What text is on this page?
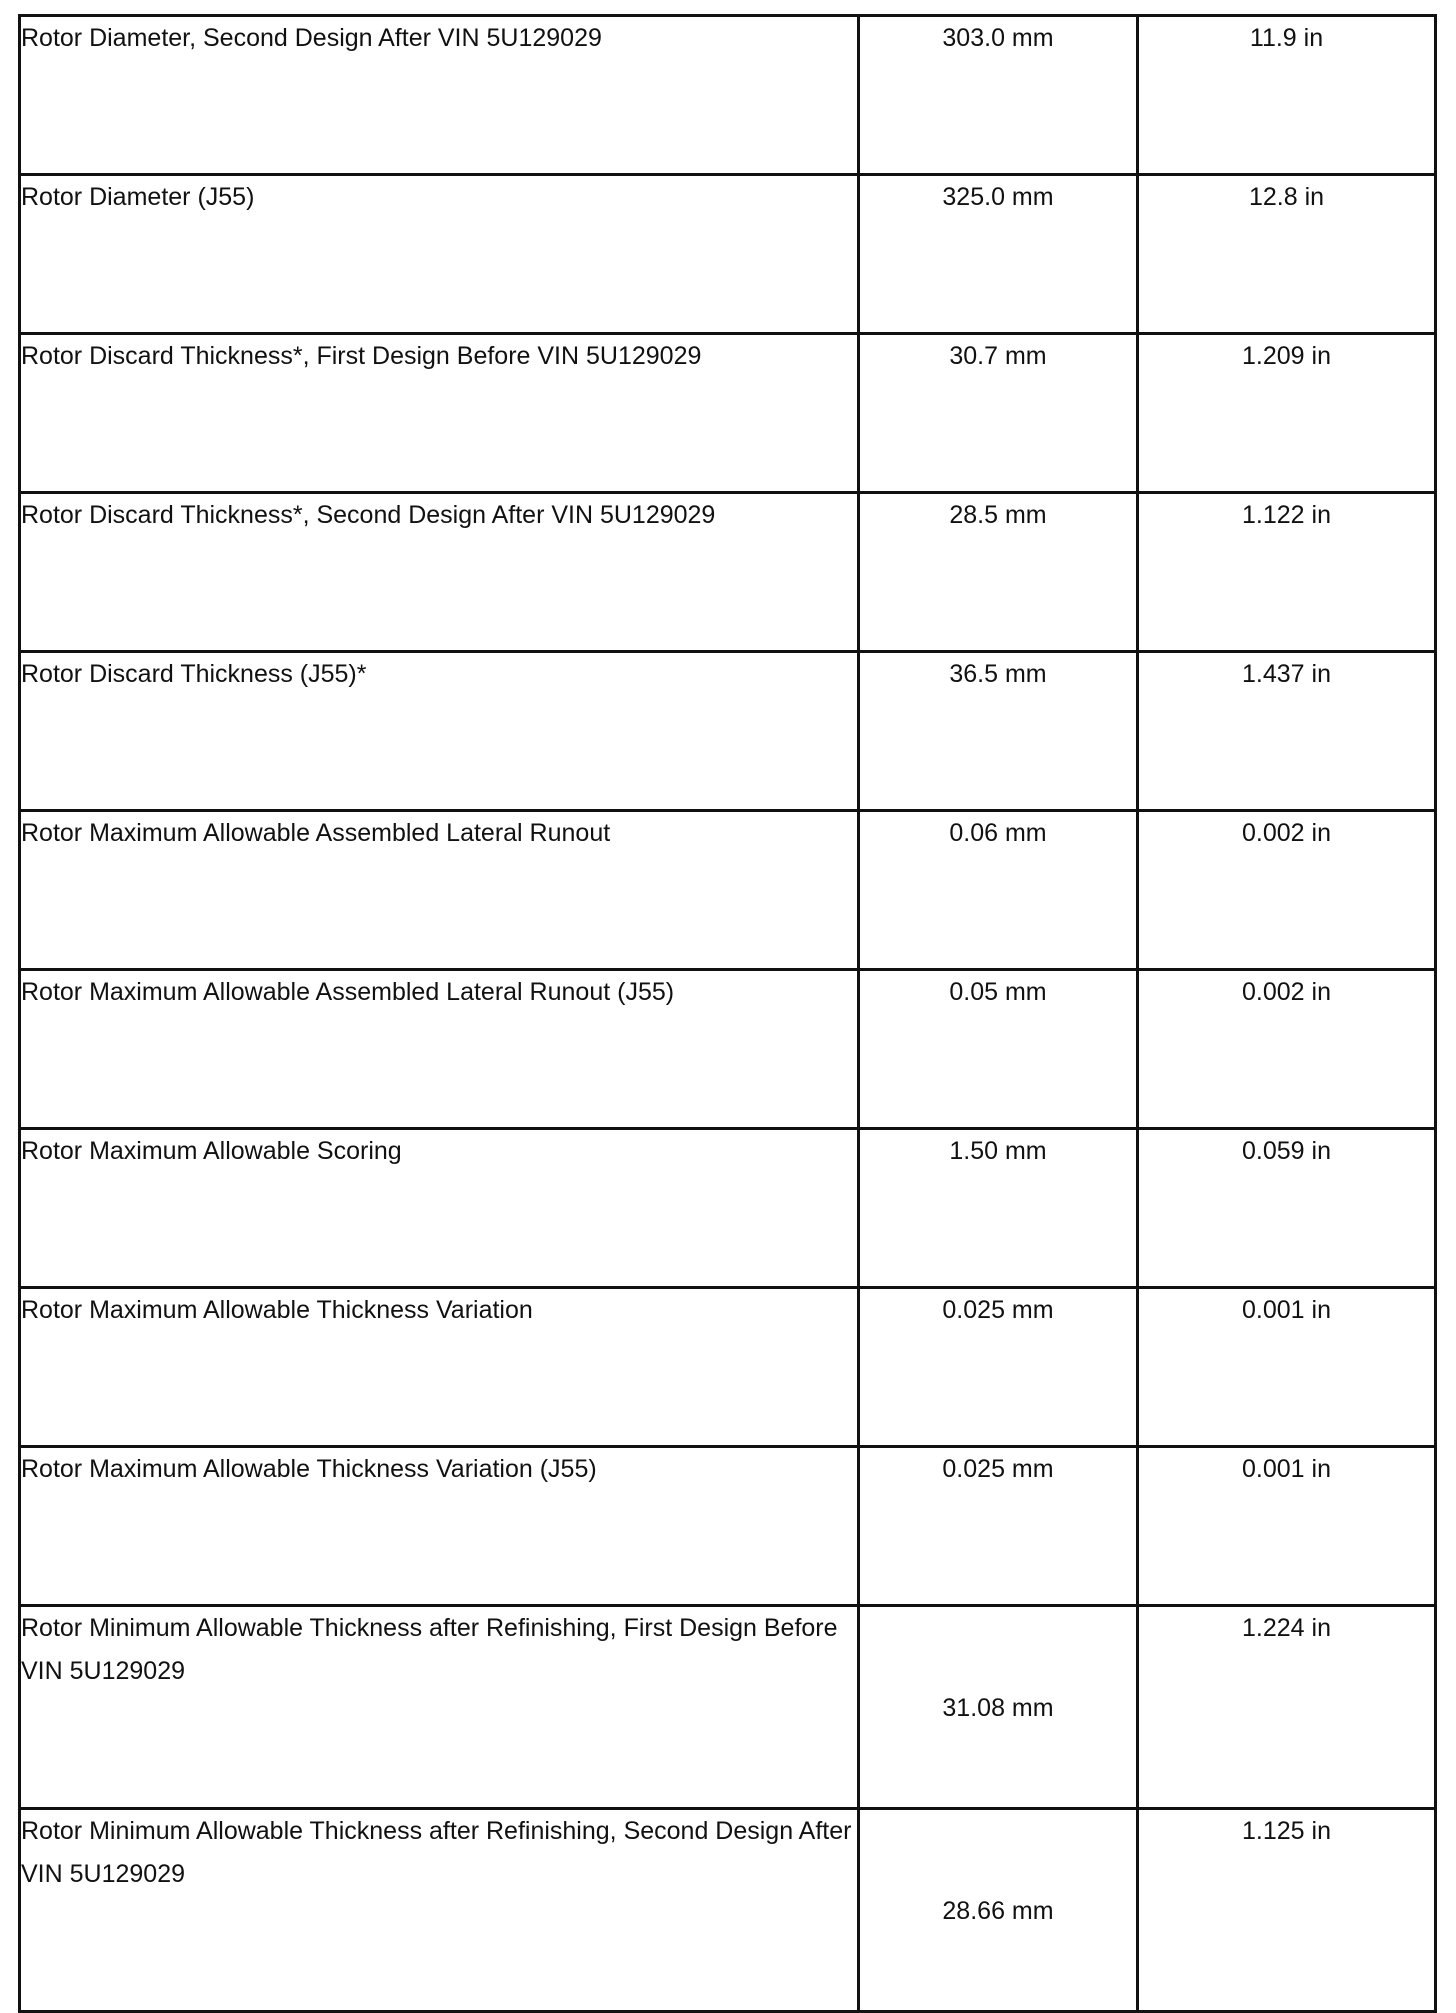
Rotor Diameter, Second Design After VIN 5U129029	303.0 mm	11.9 in
Rotor Diameter (J55)	325.0 mm	12.8 in
Rotor Discard Thickness*, First Design Before VIN 5U129029	30.7 mm	1.209 in
Rotor Discard Thickness*, Second Design After VIN 5U129029	28.5 mm	1.122 in
Rotor Discard Thickness (J55)*	36.5 mm	1.437 in
Rotor Maximum Allowable Assembled Lateral Runout	0.06 mm	0.002 in
Rotor Maximum Allowable Assembled Lateral Runout (J55)	0.05 mm	0.002 in
Rotor Maximum Allowable Scoring	1.50 mm	0.059 in
Rotor Maximum Allowable Thickness Variation	0.025 mm	0.001 in
Rotor Maximum Allowable Thickness Variation (J55)	0.025 mm	0.001 in
Rotor Minimum Allowable Thickness after Refinishing, First Design Before VIN 5U129029	31.08 mm	1.224 in
Rotor Minimum Allowable Thickness after Refinishing, Second Design After VIN 5U129029	28.66 mm	1.125 in
